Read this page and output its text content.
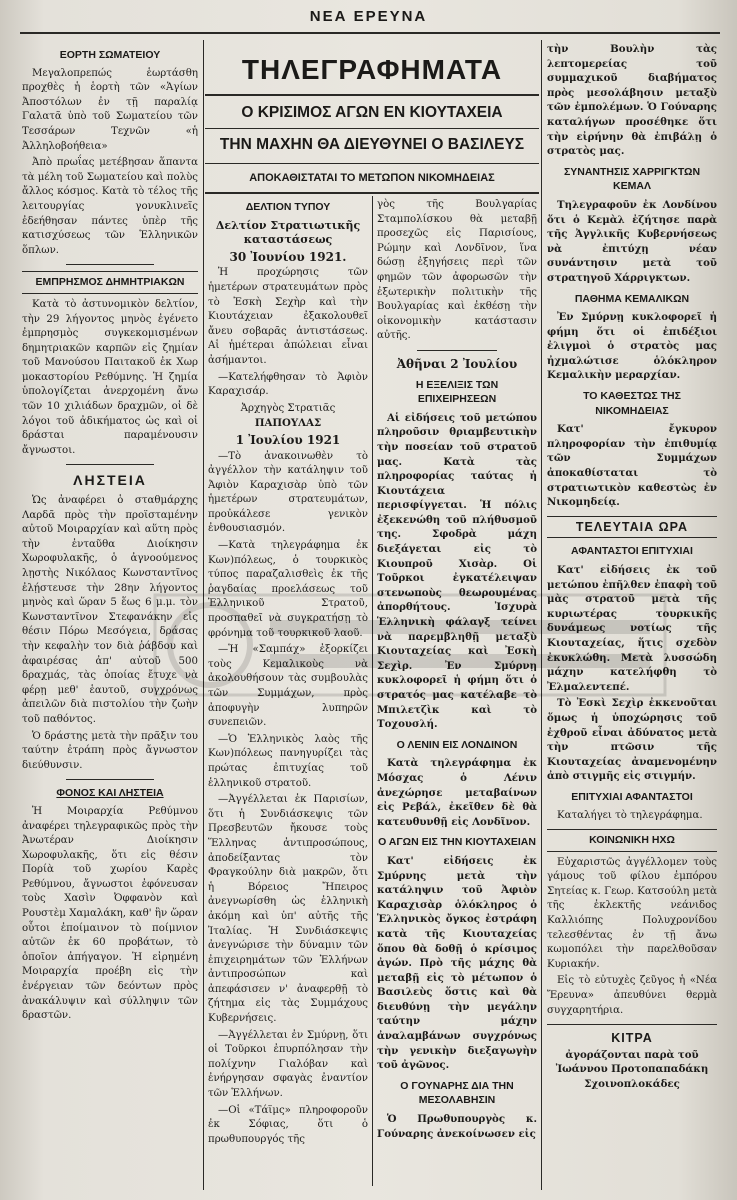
ΝΕΑ ΕΡΕΥΝΑ
ΤΗΛΕΓΡΑΦΗΜΑΤΑ
Ο ΚΡΙΣΙΜΟΣ ΑΓΩΝ ΕΝ ΚΙΟΥΤΑΧΕΙΑ
ΤΗΝ ΜΑΧΗΝ ΘΑ ΔΙΕΥΘΥΝΕΙ Ο ΒΑΣΙΛΕΥΣ
ΑΠΟΚΑΘΙΣΤΑΤΑΙ ΤΟ ΜΕΤΩΠΟΝ ΝΙΚΟΜΗΔΕΙΑΣ
ΕΟΡΤΗ ΣΩΜΑΤΕΙΟΥ

Μεγαλοπρεπώς ἑωρτάσθη προχθὲς ἡ ἑορτὴ τῶν «Ἁγίων Ἀποστόλων ἐν τῇ παραλίᾳ Γαλατᾶ ὑπὸ τοῦ Σωματείου τῶν Τεσσάρων Τεχνῶν «ἡ Ἀλληλοβοήθεια»

Ἀπὸ πρωΐας μετέβησαν ἅπαντα τὰ μέλη τοῦ Σωματείου καὶ πολὺς ἄλλος κόσμος. Κατὰ τὸ τέλος τῆς λειτουργίας γονυκλινεῖς ἐδεήθησαν πάντες ὑπὲρ τῆς κατισχύσεως τῶν Ἑλληνικῶν ὅπλων.

ΕΜΠΡΗΣΜΟΣ ΔΗΜΗΤΡΙΑΚΩΝ

Κατὰ τὸ ἀστυνομικὸν δελτίον, τὴν 29 λήγοντος μηνὸς ἐγένετο ἐμπρησμὸς συγκεκομισμένων δημητριακῶν καρπῶν εἰς ζημίαν τοῦ Μανούσου Παιτακοῦ ἐκ Χωρ μοκαστορίου Ρεθύμνης. Ἡ ζημία ὑπολογίζεται ἀνερχομένη ἄνω τῶν 10 χιλιάδων δραχμῶν, οἱ δὲ λόγοι τοῦ ἀδικήματος ὡς καὶ οἱ δράσται παραμένουσιν ἄγνωστοι.

ΛΗΣΤΕΙΑ

Ὡς ἀναφέρει ὁ σταθμάρχης Λαρδᾶ πρὸς τὴν προϊσταμένην αὐτοῦ Μοιραρχίαν καὶ αὕτη πρὸς τὴν ἐνταῦθα Διοίκησιν Χωροφυλακῆς, ὁ ἀγνοούμενος λῃστὴς Νικόλαος Κωνσταντῖνος ἐλῄστευσε τὴν 28ην λήγοντος μηνὸς καὶ ὥραν 5 ἕως 6 μ.μ. τὸν Κωνσταντῖνον Στεφανάκην εἰς θέσιν Πόρω Μεσόγεια, δράσας τὴν κεφαλὴν τον διὰ ῥάβδου καὶ ἀφαιρέσας ἀπ' αὐτοῦ 500 δραχμάς, τὰς ὁποίας ἔτυχε νὰ φέρῃ μεθ' ἑαυτοῦ, συγχρόνως ἀπειλῶν διὰ πιστολίου τὴν ζωὴν τοῦ παθόντος.

Ὁ δράστης μετὰ τὴν πρᾶξιν του ταύτην ἐτράπη πρὸς ἄγνωστον διεύθυνσιν.

ΦΟΝΟΣ ΚΑΙ ΛΗΣΤΕΙΑ

Ἡ Μοιραρχία Ρεθύμνου ἀναφέρει τηλεγραφικῶς πρὸς τὴν Ἀνωτέραν Διοίκησιν Χωροφυλακῆς, ὅτι εἰς θέσιν Πορίὰ τοῦ χωρίου Καρὲς Ρεθύμνου, ἄγνωστοι ἐφόνευσαν τοὺς Χασὶν Ὀφφανὸν καὶ Ρουστὲμ Χαμαλάκη, καθ' ἣν ὥραν οὗτοι ἐποίμαινον τὸ ποίμνιον αὐτῶν ἐκ 60 προβάτων, τὸ ὁποῖον ἀπήγαγον. Ἡ εἰρημένη Μοιραρχία προέβη εἰς τὴν ἐνέργειαν τῶν δεόντων πρὸς ἀνακάλυψιν καὶ σύλληψιν τῶν δραστῶν.

ΔΕΛΤΙΟΝ ΤΥΠΟΥ
Δελτίον Στρατιωτικῆς καταστάσεως
30 Ἰουνίου 1921.

Ἡ προχώρησις τῶν ἡμετέρων στρατευμάτων πρὸς τὸ Ἐσκὴ Σεχὴρ καὶ τὴν Κιουτάχειαν ἐξακολουθεῖ ἄνευ σοβαρᾶς ἀντιστάσεως. Αἱ ἡμέτεραι ἀπώλειαι εἶναι ἀσήμαντοι.

—Κατελήφθησαν τὸ Ἀφιὸν Καραχισάρ.

Ἀρχηγὸς Στρατιᾶς
ΠΑΠΟΥΛΑΣ
1 Ἰουλίου 1921

—Τὸ ἀνακοινωθὲν τὸ ἀγγέλλον τὴν κατάληψιν τοῦ Ἀφιὸν Καραχισὰρ ὑπὸ τῶν ἡμετέρων στρατευμάτων, προὐκάλεσε γενικὸν ἐνθουσιασμόν.

—Κατὰ τηλεγράφημα ἐκ Κων)πόλεως, ὁ τουρκικὸς τύπος παραζαλισθεὶς ἐκ τῆς ῥαγδαίας προελάσεως τοῦ Ἑλληνικοῦ Στρατοῦ, προσπαθεῖ νὰ συγκρατήσῃ τὸ φρόνημα τοῦ τουρκικοῦ λαοῦ.

—Ἡ «Σαμπάχ» ἐξορκίζει τοὺς Κεμαλικοὺς νὰ ἀκολουθήσουν τὰς συμβουλὰς τῶν Συμμάχων, πρὸς ἀποφυγὴν λυπηρῶν συνεπειῶν.

—Ὁ Ἑλληνικὸς λαὸς τῆς Κων)πόλεως πανηγυρίζει τὰς πρώτας ἐπιτυχίας τοῦ ἑλληνικοῦ στρατοῦ.

—Ἀγγέλλεται ἐκ Παρισίων, ὅτι ἡ Συνδιάσκεψις τῶν Πρεσβευτῶν ἤκουσε τοὺς Ἕλληνας ἀντιπροσώπους, ἀποδείξαντας τὸν Φραγκούλην διὰ μακρῶν, ὅτι ἡ Βόρειος Ἤπειρος ἀνεγνωρίσθη ὡς ἑλληνικὴ ἀκόμη καὶ ὑπ' αὐτῆς τῆς Ἰταλίας. Ἡ Συνδιάσκεψις ἀνεγνώρισε τὴν δύναμιν τῶν ἐπιχειρημάτων τῶν Ἑλλήνων ἀντιπροσώπων καὶ ἀπεφάσισεν ν' ἀναφερθῇ τὸ ζήτημα εἰς τὰς Συμμάχους Κυβερνήσεις.

—Ἀγγέλλεται ἐν Σμύρνῃ, ὅτι οἱ Τοῦρκοι ἐπυρπόλησαν τὴν πολίχνην Γιαλόβαν καὶ ἐνήργησαν σφαγὰς ἐναντίον τῶν Ἑλλήνων.

—Οἱ «Τάϊμς» πληροφοροῦν ἐκ Σόφιας, ὅτι ὁ πρωθυπουργός τῆς

γὸς τῆς Βουλγαρίας Σταμπολίσκου θὰ μεταβῇ προσεχῶς εἰς Παρισίους, Ρώμην καὶ Λονδῖνον, ἵνα δώσῃ ἐξηγήσεις περὶ τῶν φημῶν τῶν ἀφορωσῶν τὴν ἐξωτερικὴν πολιτικὴν τῆς Βουλγαρίας καὶ ἐκθέσῃ τὴν οἰκονομικὴν κατάστασιν αὐτῆς.

Ἀθῆναι 2 Ἰουλίου
Η ΕΞΕΛΙΞΙΣ ΤΩΝ ΕΠΙΧΕΙΡΗΣΕΩΝ

Αἱ εἰδήσεις τοῦ μετώπου πληροῦσιν θριαμβευτικὴν τὴν ποσείαν τοῦ στρατοῦ μας. Κατὰ τὰς πληροφορίας ταύτας ἡ Κιουτάχεια περισφίγγεται. Ἡ πόλις ἐξεκενώθη τοῦ πλήθυσμοῦ της. Σφοδρὰ μάχη διεξάγεται εἰς τὸ Κιουπροῦ Χισὰρ. Οἱ Τοῦρκοι ἐγκατέλειψαν στενωποὺς θεωρουμένας ἀπορθήτους. Ἰσχυρὰ Ἑλληνικὴ φάλαγξ τείνει νὰ παρεμβληθῇ μεταξὺ Κιουταχείας καὶ Ἐσκὴ Σεχὶρ. Ἐν Σμύρνῃ κυκλοφορεῖ ἡ φήμη ὅτι ὁ στρατός μας κατέλαβε τὸ Μπιλετζὶκ καὶ τὸ Τοχουσλή.

Ο ΛΕΝΙΝ ΕΙΣ ΛΟΝΔΙΝΟΝ

Κατὰ τηλεγράφημα ἐκ Μόσχας ὁ Λένιν ἀνεχώρησε μεταβαίνων εἰς Ρεβάλ, ἐκεῖθεν δὲ θὰ κατευθυνθῇ εἰς Λονδῖνον.

Ο ΑΓΩΝ ΕΙΣ ΤΗΝ ΚΙΟΥΤΑΧΕΙΑΝ

Κατ' εἰδήσεις ἐκ Σμύρνης μετὰ τὴν κατάληψιν τοῦ Ἀφιὸν Καραχισὰρ ὁλόκληρος ὁ Ἑλληνικὸς ὄγκος ἐστράφη κατὰ τῆς Κιουταχείας ὅπου θὰ δοθῇ ὁ κρίσιμος ἀγών. Πρὸ τῆς μάχης θὰ μεταβῇ εἰς τὸ μέτωπον ὁ Βασιλεὺς ὅστις καὶ θὰ διευθύνῃ τὴν μεγάλην ταύτην μάχην ἀναλαμβάνων συγχρόνως τὴν γενικὴν διεξαγωγὴν τοῦ ἀγῶνος.

Ο ΓΟΥΝΑΡΗΣ ΔΙΑ ΤΗΝ ΜΕΣΟΛΑΒΗΣΙΝ

Ὁ Πρωθυπουργὸς κ. Γούναρης ἀνεκοίνωσεν εἰς

τὴν Βουλὴν τὰς λεπτομερείας τοῦ συμμαχικοῦ διαβήματος πρὸς μεσολάβησιν μεταξὺ τῶν ἐμπολέμων. Ὁ Γούναρης καταλήγων προσέθηκε ὅτι τὴν εἰρήνην θὰ ἐπιβάλῃ ὁ στρατὸς μας.

ΣΥΝΑΝΤΗΣΙΣ ΧΑΡΡΙΓΚΤΩΝ ΚΕΜΑΛ

Τηλεγραφοῦν ἐκ Λονδίνου ὅτι ὁ Κεμὰλ ἐζήτησε παρὰ τῆς Ἀγγλικῆς Κυβερνήσεως νὰ ἐπιτύχῃ νέαν συνάντησιν μετὰ τοῦ στρατηγοῦ Χάρριγκτων.

ΠΑΘΗΜΑ ΚΕΜΑΛΙΚΩΝ

Ἐν Σμύρνῃ κυκλοφορεῖ ἡ φήμη ὅτι οἱ ἐπιδέξιοι ἐλιγμοὶ ὁ στρατὸς μας ἠχμαλώτισε ὁλόκληρον Κεμαλικὴν μεραρχίαν.

ΤΟ ΚΑΘΕΣΤΩΣ ΤΗΣ ΝΙΚΟΜΗΔΕΙΑΣ

Κατ' ἔγκυρον πληροφορίαν τὴν ἐπιθυμίᾳ τῶν Συμμάχων ἀποκαθίσταται τὸ στρατιωτικὸν καθεστὼς ἐν Νικομηδείᾳ.

ΤΕΛΕΥΤΑΙΑ ΩΡΑ
ΑΦΑΝΤΑΣΤΟΙ ΕΠΙΤΥΧΙΑΙ

Κατ' εἰδήσεις ἐκ τοῦ μετώπου ἐπῆλθεν ἐπαφὴ τοῦ μὰς στρατοῦ μετὰ τῆς κυριωτέρας τουρκικῆς δυνάμεως νοτίως τῆς Κιουταχείας, ἥτις σχεδὸν ἐκυκλώθη. Μετὰ λυσσώδη μάχην κατελήφθη τὸ Ἐλμαλεντεπέ.

Τὸ Ἐσκὶ Σεχὶρ ἐκκενοῦται ὅμως ἡ ὑποχώρησις τοῦ ἐχθροῦ εἶναι ἀδύνατος μετὰ τὴν πτῶσιν τῆς Κιουταχείας ἀναμενομένην ἀπὸ στιγμῆς εἰς στιγμήν.

ΕΠΙΤΥΧΙΑΙ ΑΦΑΝΤΑΣΤΟΙ

Καταλήγει τὸ τηλεγράφημα.

ΚΟΙΝΩΝΙΚΗ ΗΧΩ

Εὐχαριστῶς ἀγγέλλομεν τοὺς γάμους τοῦ φίλου ἐμπόρου Σητείας κ. Γεωρ. Κατσούλη μετὰ τῆς ἐκλεκτῆς νεάνιδος Καλλιόπης Πολυχρονίδου τελεσθέντας ἐν τῇ ἄνω κωμοπόλει τὴν παρελθοῦσαν Κυριακήν.

Εἰς τὸ εὐτυχὲς ζεῦγος ἡ «Νέα Ἔρευνα» ἀπευθύνει θερμὰ συγχαρητήρια.

ΚΙΤΡΑ

ἀγοράζονται παρὰ τοῦ Ἰωάννου Προτοπαπαδάκη Σχοινοπλοκάδες
